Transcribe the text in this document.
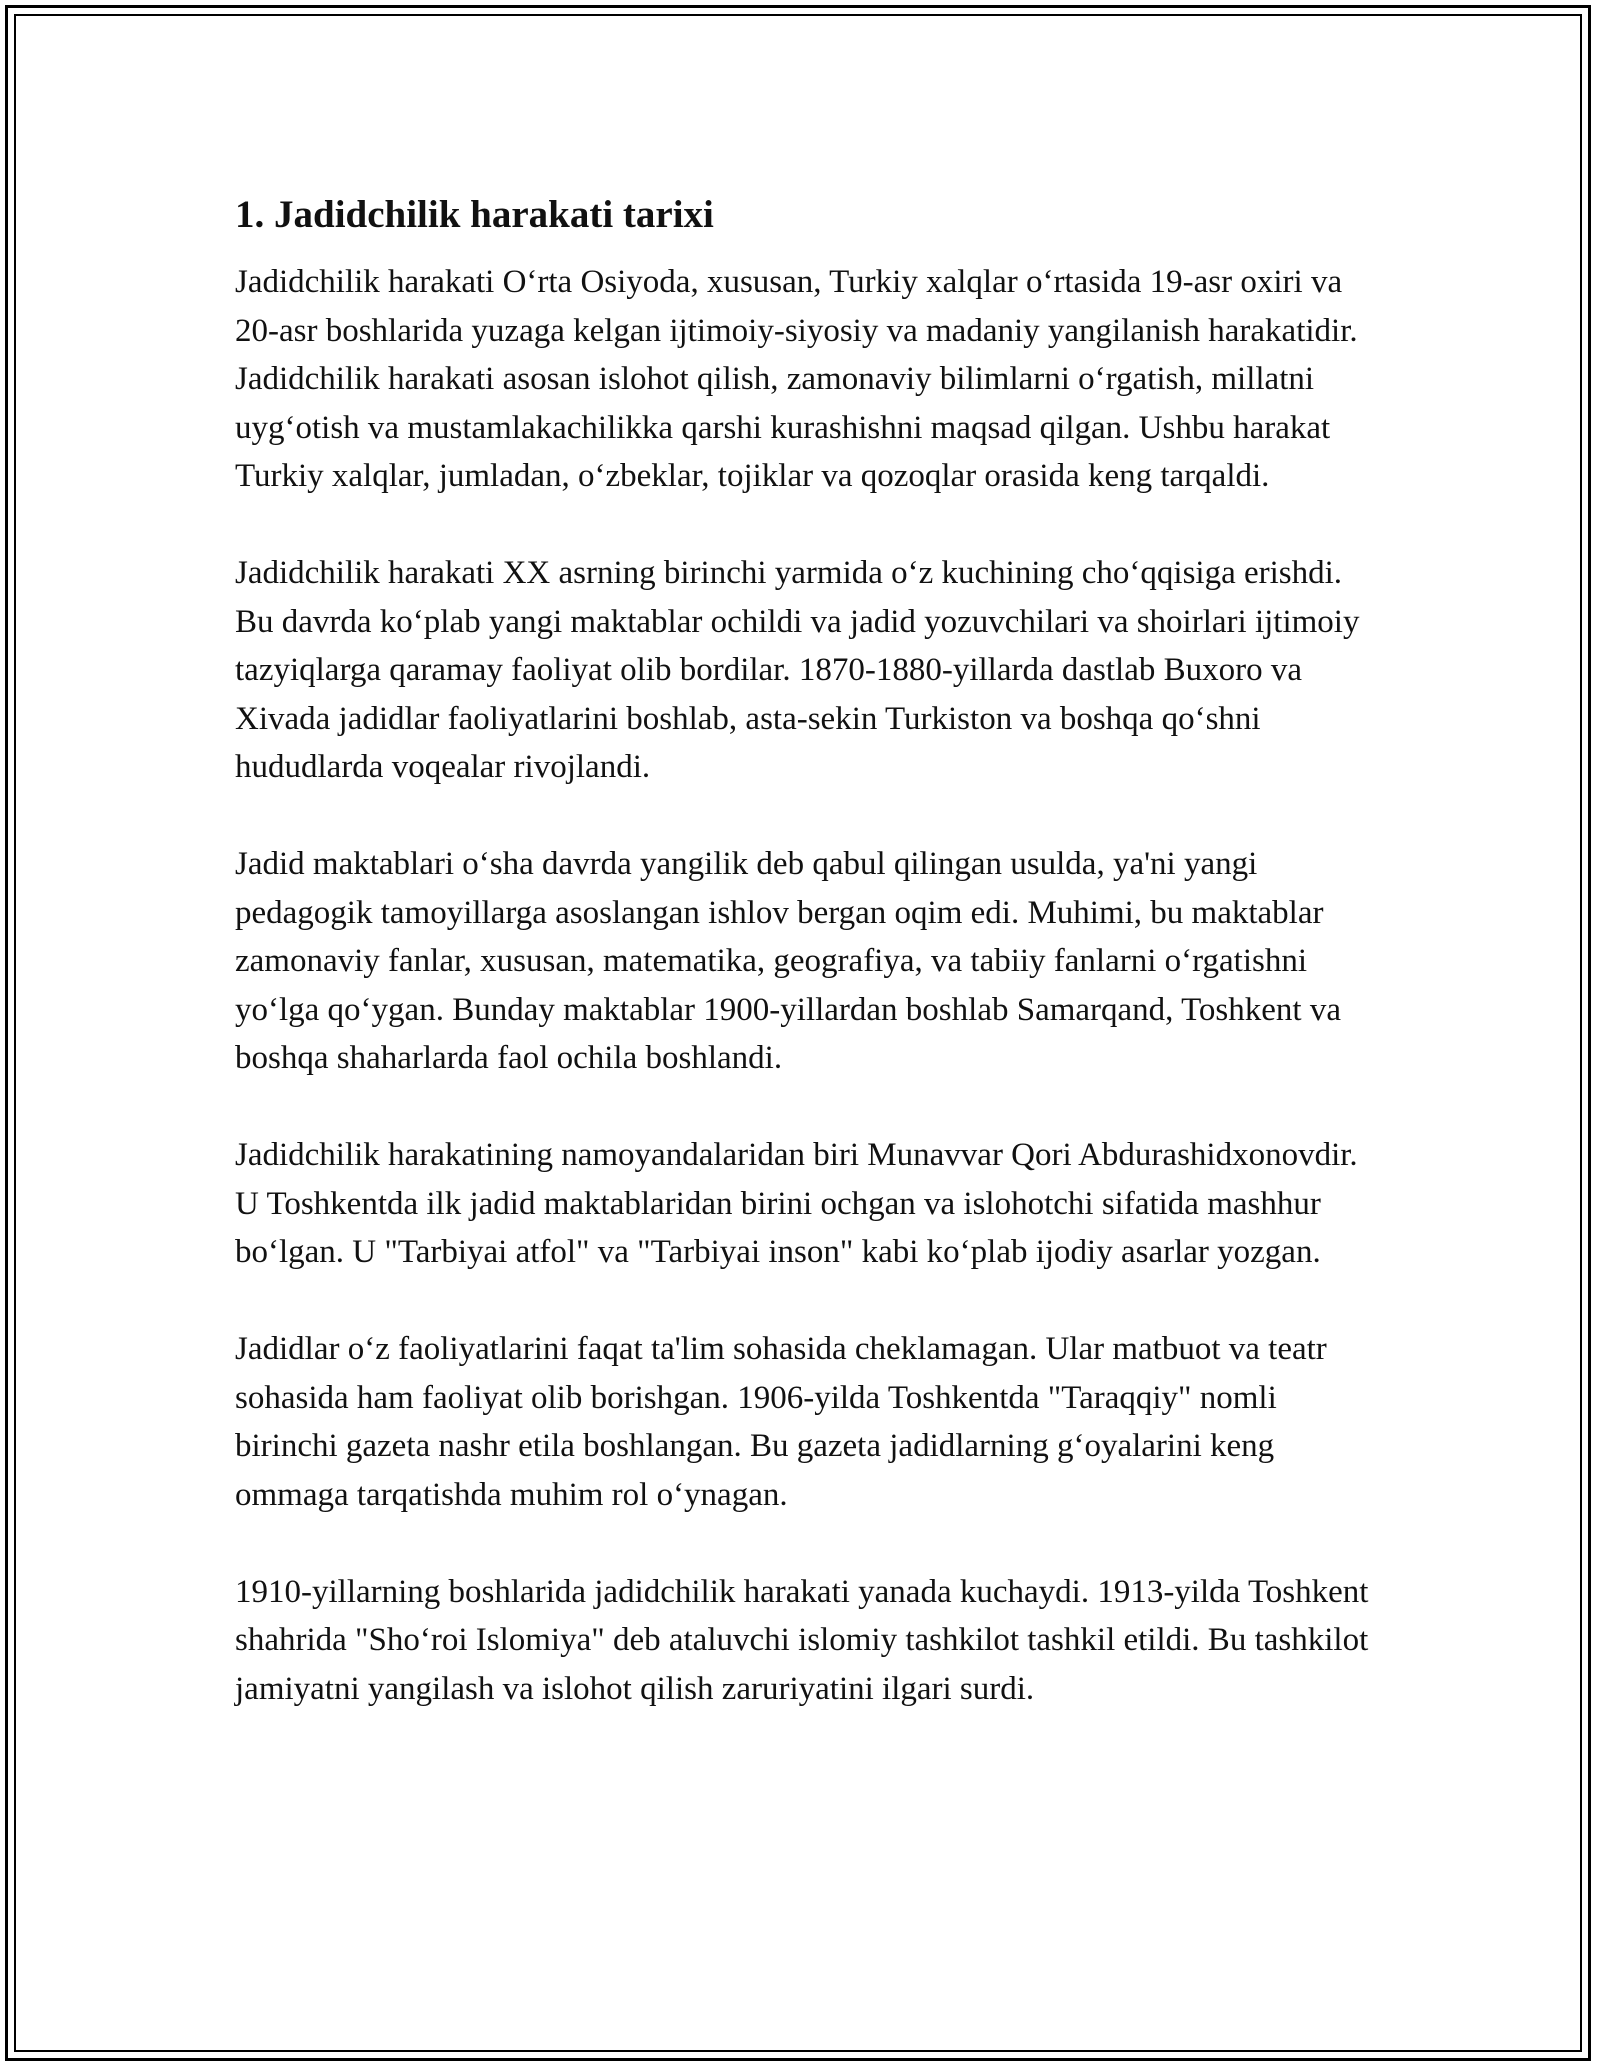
1. Jadidchilik harakati tarixi

Jadidchilik harakati O‘rta Osiyoda, xususan, Turkiy xalqlar o‘rtasida 19-asr oxiri va 20-asr boshlarida yuzaga kelgan ijtimoiy-siyosiy va madaniy yangilanish harakatidir. Jadidchilik harakati asosan islohot qilish, zamonaviy bilimlarni o‘rgatish, millatni uyg‘otish va mustamlakachilikka qarshi kurashishni maqsad qilgan. Ushbu harakat Turkiy xalqlar, jumladan, o‘zbeklar, tojiklar va qozoqlar orasida keng tarqaldi.

Jadidchilik harakati XX asrning birinchi yarmida o‘z kuchining cho‘qqisiga erishdi. Bu davrda ko‘plab yangi maktablar ochildi va jadid yozuvchilari va shoirlari ijtimoiy tazyiqlarga qaramay faoliyat olib bordilar. 1870-1880-yillarda dastlab Buxoro va Xivada jadidlar faoliyatlarini boshlab, asta-sekin Turkiston va boshqa qo‘shni hududlarda voqealar rivojlandi.

Jadid maktablari o‘sha davrda yangilik deb qabul qilingan usulda, ya'ni yangi pedagogik tamoyillarga asoslangan ishlov bergan oqim edi. Muhimi, bu maktablar zamonaviy fanlar, xususan, matematika, geografiya, va tabiiy fanlarni o‘rgatishni yo‘lga qo‘ygan. Bunday maktablar 1900-yillardan boshlab Samarqand, Toshkent va boshqa shaharlarda faol ochila boshlandi.

Jadidchilik harakatining namoyandalaridan biri Munavvar Qori Abdurashidxonovdir. U Toshkentda ilk jadid maktablaridan birini ochgan va islohotchi sifatida mashhur bo‘lgan. U "Tarbiyai atfol" va "Tarbiyai inson" kabi ko‘plab ijodiy asarlar yozgan.

Jadidlar o‘z faoliyatlarini faqat ta'lim sohasida cheklamagan. Ular matbuot va teatr sohasida ham faoliyat olib borishgan. 1906-yilda Toshkentda "Taraqqiy" nomli birinchi gazeta nashr etila boshlangan. Bu gazeta jadidlarning g‘oyalarini keng ommaga tarqatishda muhim rol o‘ynagan.

1910-yillarning boshlarida jadidchilik harakati yanada kuchaydi. 1913-yilda Toshkent shahrida "Sho‘roi Islomiya" deb ataluvchi islomiy tashkilot tashkil etildi. Bu tashkilot jamiyatni yangilash va islohot qilish zaruriyatini ilgari surdi.
